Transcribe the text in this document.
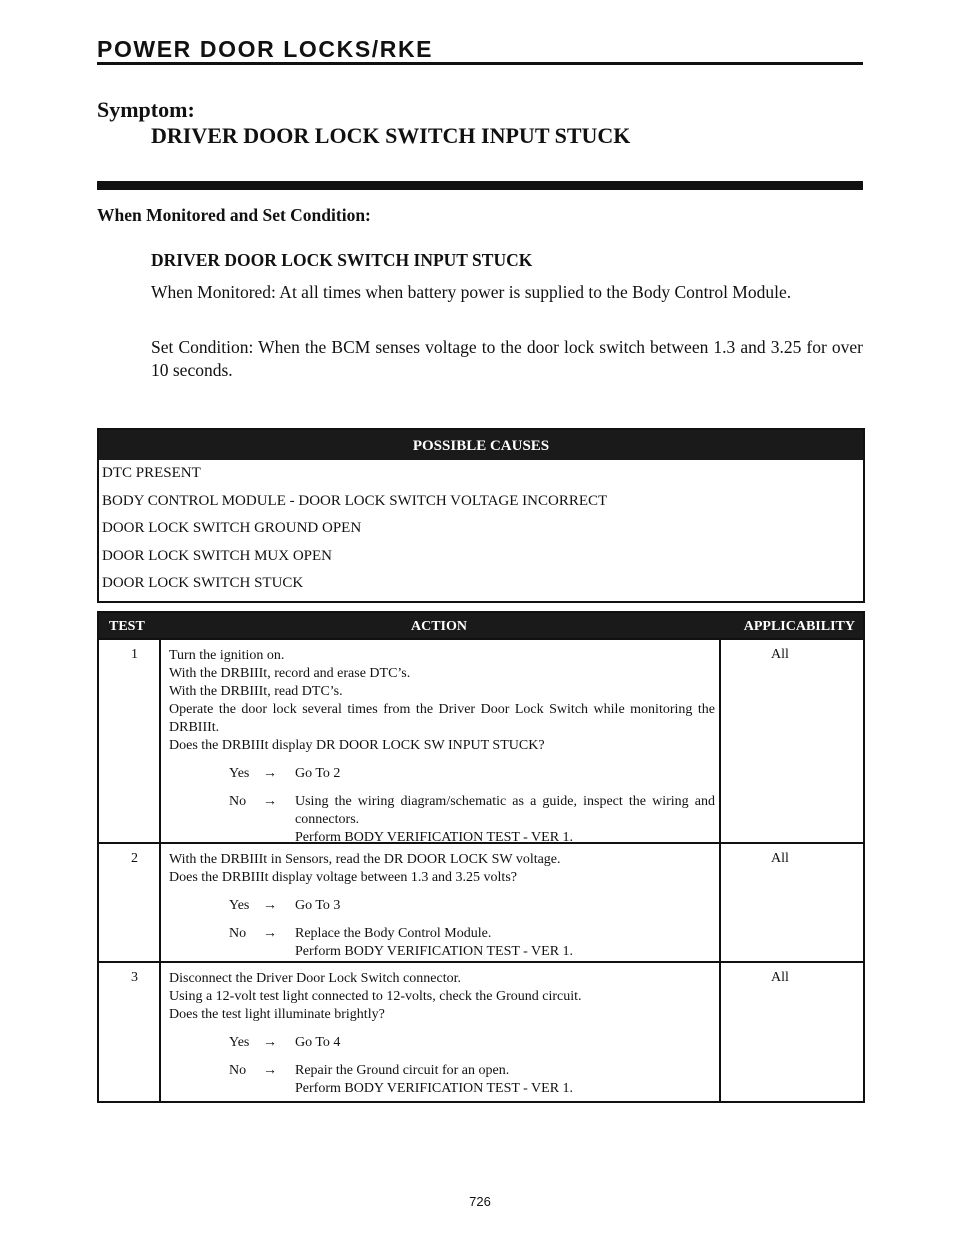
POWER DOOR LOCKS/RKE
Symptom:
DRIVER DOOR LOCK SWITCH INPUT STUCK
When Monitored and Set Condition:
DRIVER DOOR LOCK SWITCH INPUT STUCK
When Monitored: At all times when battery power is supplied to the Body Control Module.
Set Condition: When the BCM senses voltage to the door lock switch between 1.3 and 3.25 for over 10 seconds.
POSSIBLE CAUSES
DTC PRESENT
BODY CONTROL MODULE - DOOR LOCK SWITCH VOLTAGE INCORRECT
DOOR LOCK SWITCH GROUND OPEN
DOOR LOCK SWITCH MUX OPEN
DOOR LOCK SWITCH STUCK
TEST	ACTION	APPLICABILITY
1 Turn the ignition on.
With the DRBIIIt, record and erase DTC’s.
With the DRBIIIt, read DTC’s.
Operate the door lock several times from the Driver Door Lock Switch while monitoring the DRBIIIt.
Does the DRBIIIt display DR DOOR LOCK SW INPUT STUCK?
Yes → Go To 2
No → Using the wiring diagram/schematic as a guide, inspect the wiring and connectors.
Perform BODY VERIFICATION TEST - VER 1.
All
2 With the DRBIIIt in Sensors, read the DR DOOR LOCK SW voltage.
Does the DRBIIIt display voltage between 1.3 and 3.25 volts?
Yes → Go To 3
No → Replace the Body Control Module.
Perform BODY VERIFICATION TEST - VER 1.
All
3 Disconnect the Driver Door Lock Switch connector.
Using a 12-volt test light connected to 12-volts, check the Ground circuit.
Does the test light illuminate brightly?
Yes → Go To 4
No → Repair the Ground circuit for an open.
Perform BODY VERIFICATION TEST - VER 1.
All
726
